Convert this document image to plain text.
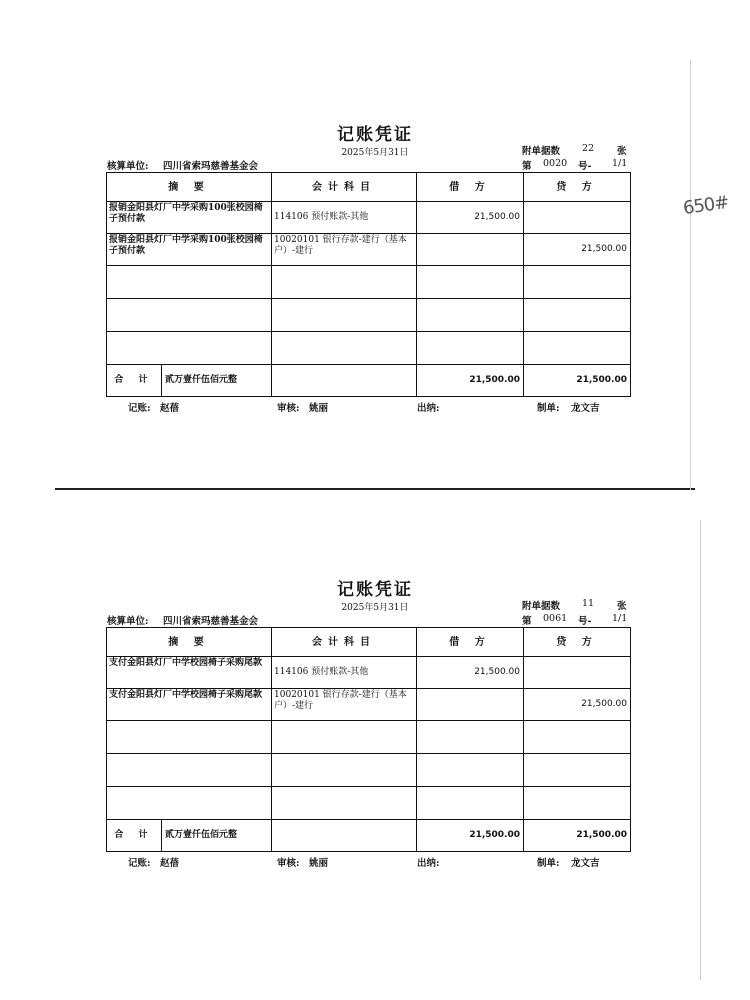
650#
记账凭证
2025年5月31日	附单据数 22 张
核算单位: 四川省索玛慈善基金会	第 0020 号- 1/1
摘 要	会计科目	借 方	贷 方
报销金阳县灯厂中学采购100张校园椅子预付款	114106 预付账款-其他	21,500.00	
报销金阳县灯厂中学采购100张校园椅子预付款	10020101 银行存款-建行（基本户）-建行		21,500.00

合 计 贰万壹仟伍佰元整		21,500.00	21,500.00
记账: 赵蓓	审核: 姚丽	出纳:	制单: 龙文吉
记账凭证
2025年5月31日	附单据数 11 张
核算单位: 四川省索玛慈善基金会	第 0061 号- 1/1
摘 要	会计科目	借 方	贷 方
支付金阳县灯厂中学校园椅子采购尾款	114106 预付账款-其他	21,500.00	
支付金阳县灯厂中学校园椅子采购尾款	10020101 银行存款-建行（基本户）-建行		21,500.00

合 计 贰万壹仟伍佰元整		21,500.00	21,500.00
记账: 赵蓓	审核: 姚丽	出纳:	制单: 龙文吉
